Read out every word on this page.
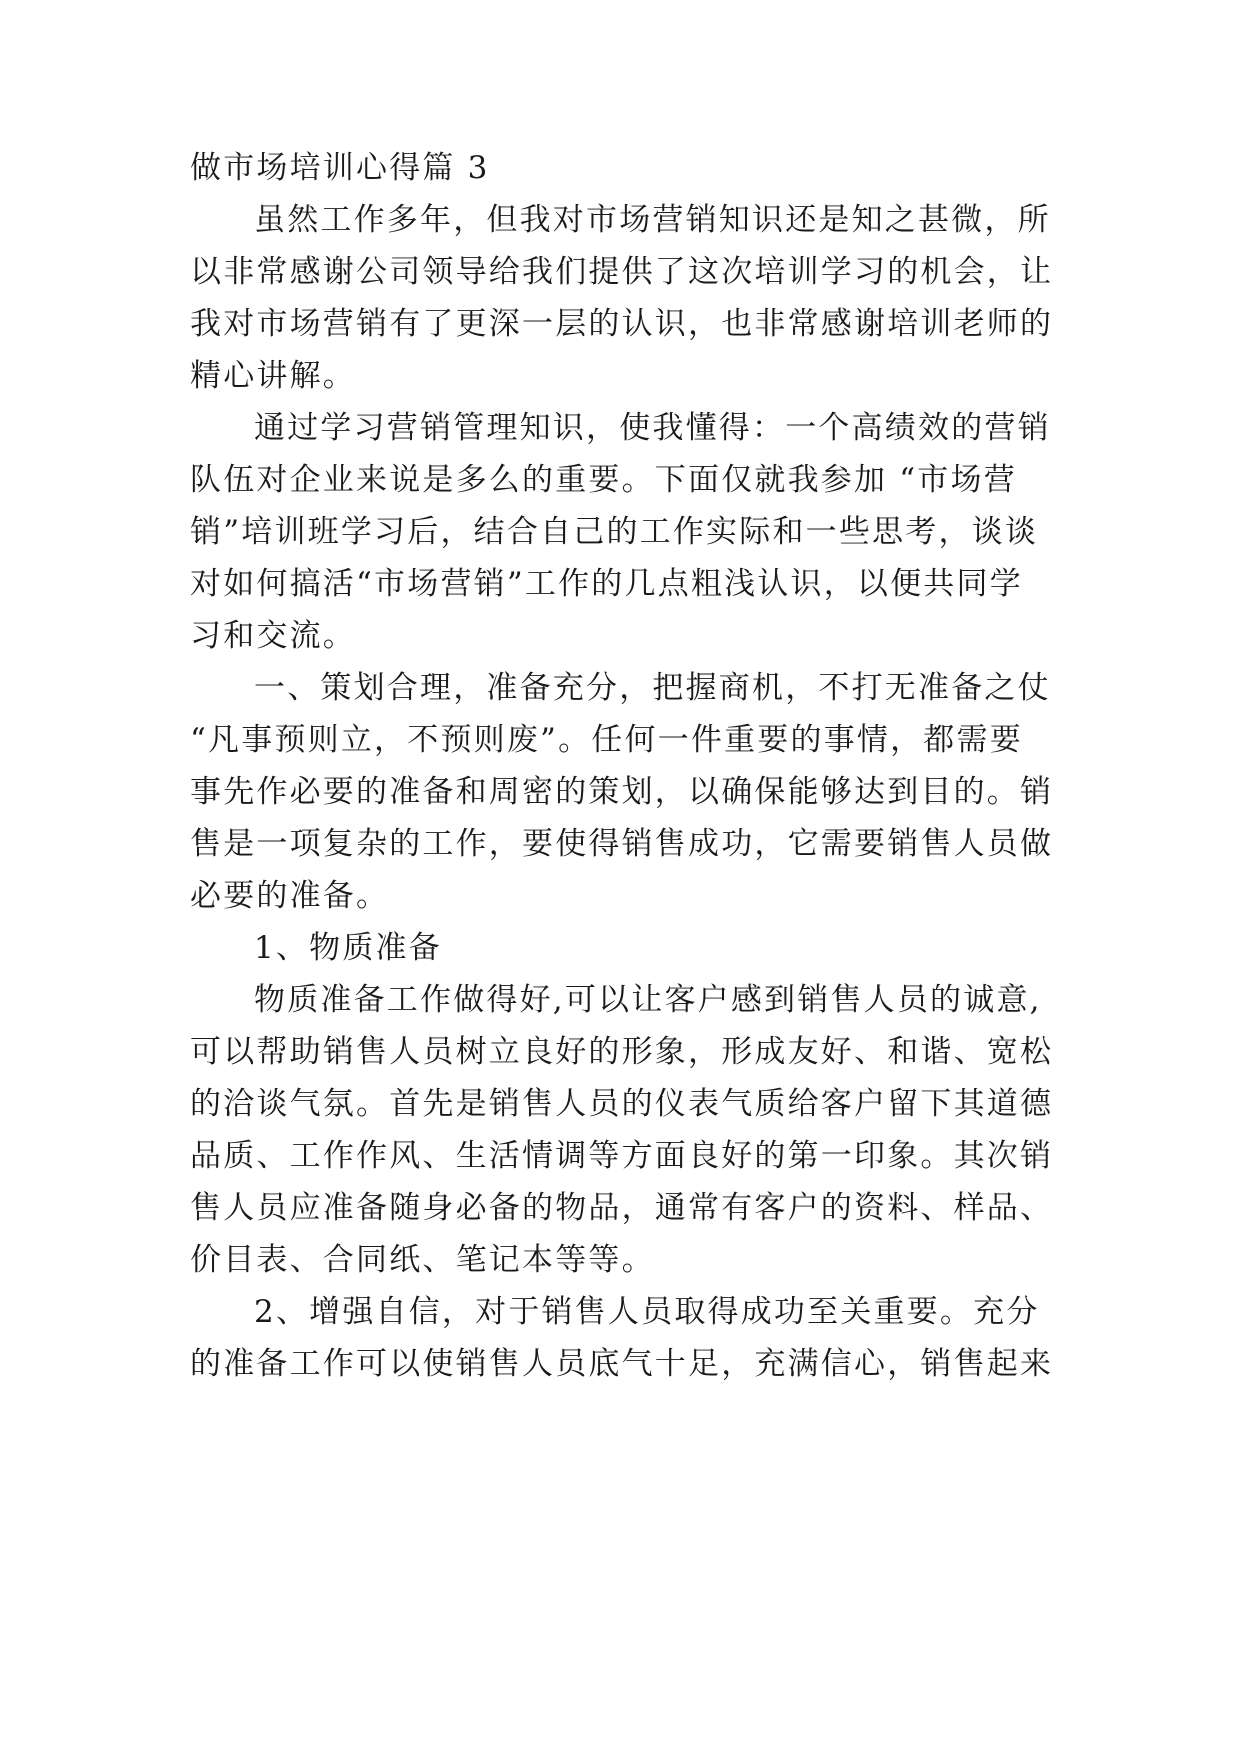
做市场培训心得篇 3
虽然工作多年，但我对市场营销知识还是知之甚微，所
以非常感谢公司领导给我们提供了这次培训学习的机会，让
我对市场营销有了更深一层的认识，也非常感谢培训老师的
精心讲解。
通过学习营销管理知识，使我懂得：一个高绩效的营销
队伍对企业来说是多么的重要。下面仅就我参加 “市场营
销”培训班学习后，结合自己的工作实际和一些思考，谈谈
对如何搞活“市场营销”工作的几点粗浅认识，以便共同学
习和交流。
一、策划合理，准备充分，把握商机，不打无准备之仗
“凡事预则立，不预则废”。任何一件重要的事情，都需要
事先作必要的准备和周密的策划，以确保能够达到目的。销
售是一项复杂的工作，要使得销售成功，它需要销售人员做
必要的准备。
1、物质准备
物质准备工作做得好,可以让客户感到销售人员的诚意,
可以帮助销售人员树立良好的形象，形成友好、和谐、宽松
的洽谈气氛。首先是销售人员的仪表气质给客户留下其道德
品质、工作作风、生活情调等方面良好的第一印象。其次销
售人员应准备随身必备的物品，通常有客户的资料、样品、
价目表、合同纸、笔记本等等。
2、增强自信，对于销售人员取得成功至关重要。充分
的准备工作可以使销售人员底气十足，充满信心，销售起来
